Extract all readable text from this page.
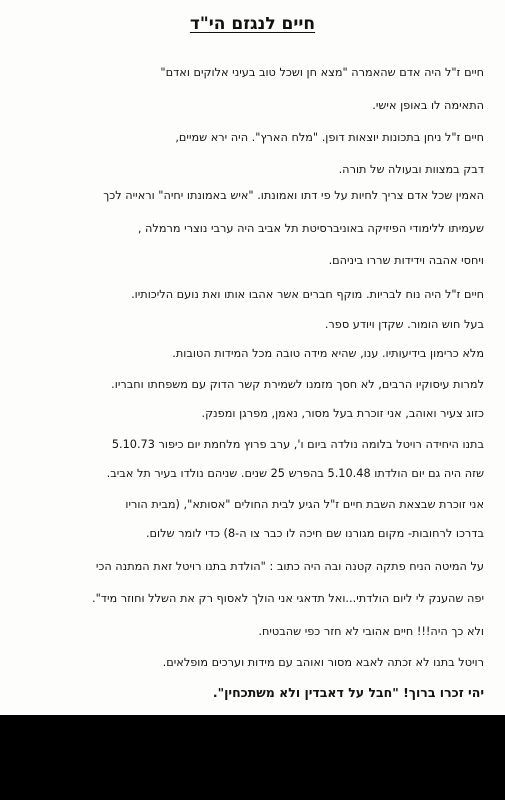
חיים לנגזם הי"ד
חיים ז"ל היה אדם שהאמרה "מצא חן ושכל טוב בעיני אלוקים ואדם"
התאימה לו באופן אישי.
חיים ז"ל ניחן בתכונות יוצאות דופן. "מלח הארץ". היה ירא שמיים,
דבק במצוות ובעולה של תורה.
האמין שכל אדם צריך לחיות על פי דתו ואמונתו. "איש באמונתו יחיה" וראייה לכך
שעמיתו ללימודי הפיזיקה באוניברסיטת תל אביב היה ערבי נוצרי מרמלה ,
ויחסי אהבה וידידות שררו ביניהם.
חיים ז"ל היה נוח לבריות. מוקף חברים אשר אהבו אותו ואת נועם הליכותיו.
בעל חוש הומור. שקדן ויודע ספר.
מלא כרימון בידיעותיו. ענו, שהיא מידה טובה מכל המידות הטובות.
למרות עיסוקיו הרבים, לא חסך מזמנו לשמירת קשר הדוק עם משפחתו וחבריו.
כזוג צעיר ואוהב, אני זוכרת בעל מסור, נאמן, מפרגן ומפנק.
בתנו היחידה רויטל בלומה נולדה ביום ו', ערב פרוץ מלחמת יום כיפור 5.10.73
שזה היה גם יום הולדתו 5.10.48 בהפרש 25 שנים. שניהם נולדו בעיר תל אביב.
אני זוכרת שבצאת השבת חיים ז"ל הגיע לבית החולים "אסותא", (מבית הוריו
בדרכו לרחובות- מקום מגורנו שם חיכה לו כבר צו ה-8) כדי לומר שלום.
על המיטה הניח פתקה קטנה ובה היה כתוב : "הולדת בתנו רויטל זאת המתנה הכי
יפה שהענק לי ליום הולדתי...ואל תדאגי אני הולך לאסוף רק את השלל וחוזר מיד".
ולא כך היה!!! חיים אהובי לא חזר כפי שהבטיח.
רויטל בתנו לא זכתה לאבא מסור ואוהב עם מידות וערכים מופלאים.
יהי זכרו ברוך! "חבל על דאבדין ולא משתכחין".
